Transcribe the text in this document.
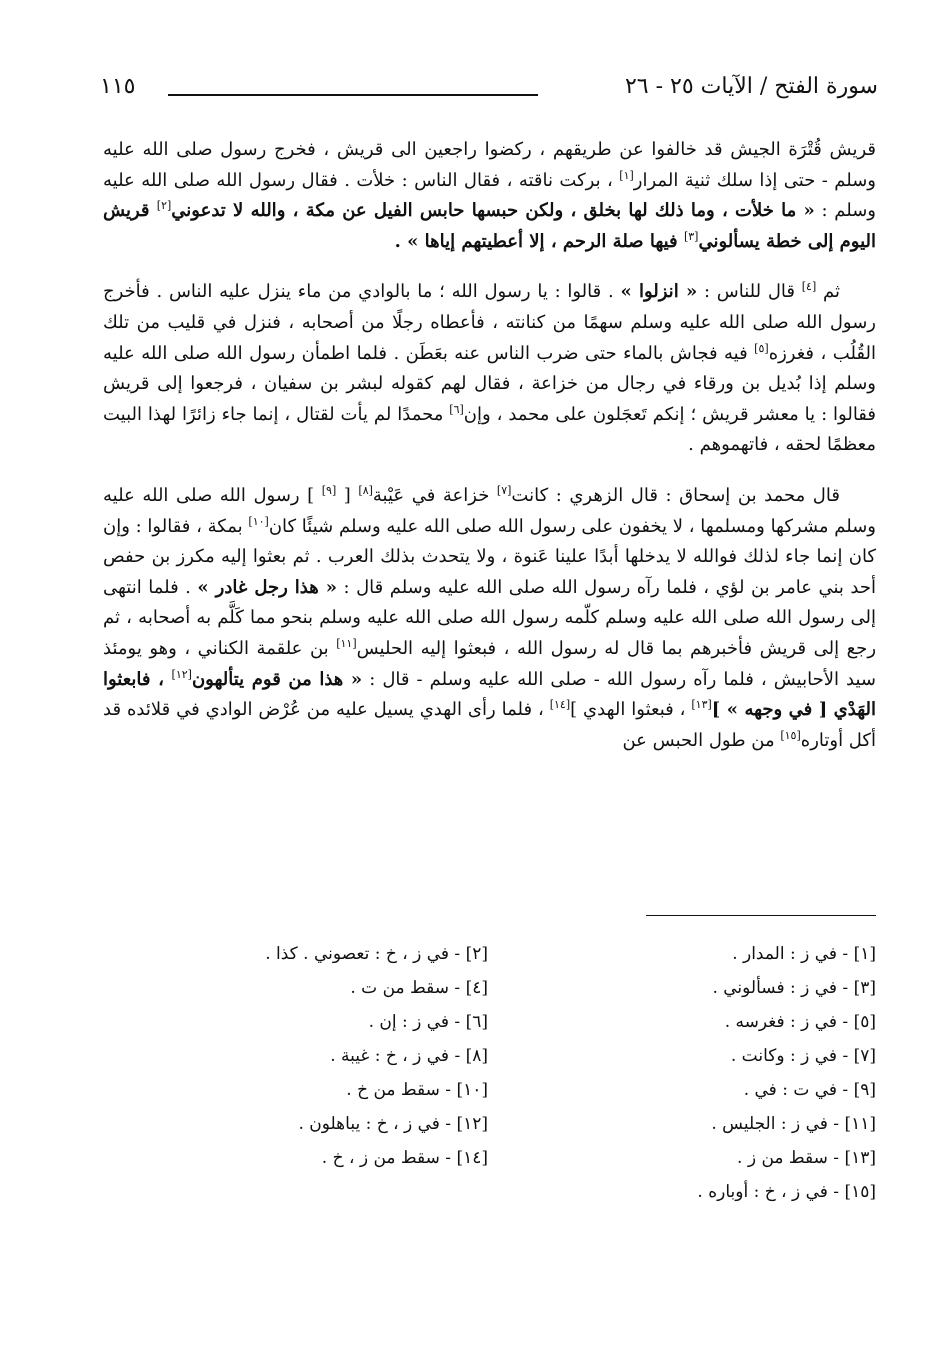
سورة الفتح / الآيات ٢٥ - ٢٦
١١٥

قريش قُتْرَة الجيش قد خالفوا عن طريقهم ، ركضوا راجعين الى قريش ، فخرج رسول صلى الله عليه وسلم - حتى إذا سلك ثنية المرار[١] ، بركت ناقته ، فقال الناس : خلأت . فقال رسول الله صلى الله عليه وسلم : « ما خلأت ، وما ذلك لها بخلق ، ولكن حبسها حابس الفيل عن مكة ، والله لا تدعوني[٢] قريش اليوم إلى خطة يسألوني[٣] فيها صلة الرحم ، إلا أعطيتهم إياها » .

ثم [٤] قال للناس : « انزلوا » . قالوا : يا رسول الله ؛ ما بالوادي من ماء ينزل عليه الناس . فأخرج رسول الله صلى الله عليه وسلم سهمًا من كنانته ، فأعطاه رجلًا من أصحابه ، فنزل في قليب من تلك القُلُب ، فغرزه[٥] فيه فجاش بالماء حتى ضرب الناس عنه بعَطَن . فلما اطمأن رسول الله صلى الله عليه وسلم إذا بُديل بن ورقاء في رجال من خزاعة ، فقال لهم كقوله لبشر بن سفيان ، فرجعوا إلى قريش فقالوا : يا معشر قريش ؛ إنكم تَعجَلون على محمد ، وإن[٦] محمدًا لم يأت لقتال ، إنما جاء زائرًا لهذا البيت معظمًا لحقه ، فاتهموهم .

قال محمد بن إسحاق : قال الزهري : كانت[٧] خزاعة في عَيْبة[٨] [ [٩] ] رسول الله صلى الله عليه وسلم مشركها ومسلمها ، لا يخفون على رسول الله صلى الله عليه وسلم شيئًا كان[١٠] بمكة ، فقالوا : وإن كان إنما جاء لذلك فوالله لا يدخلها أبدًا علينا عَنوة ، ولا يتحدث بذلك العرب . ثم بعثوا إليه مكرز بن حفص أحد بني عامر بن لؤي ، فلما رآه رسول الله صلى الله عليه وسلم قال : « هذا رجل غادر » . فلما انتهى إلى رسول الله صلى الله عليه وسلم كلّمه رسول الله صلى الله عليه وسلم بنحو مما كَلَّم به أصحابه ، ثم رجع إلى قريش فأخبرهم بما قال له رسول الله ، فبعثوا إليه الحليس[١١] بن علقمة الكناني ، وهو يومئذ سيد الأحابيش ، فلما رآه رسول الله - صلى الله عليه وسلم - قال : « هذا من قوم يتألهون[١٢] ، فابعثوا الهَدْي [ في وجهه » ][١٣] ، فبعثوا الهدي ][١٤] ، فلما رأى الهدي يسيل عليه من عُرْض الوادي في قلائده قد أكل أوتاره[١٥] من طول الحبس عن

[١] - في ز : المدار .
[٢] - في ز ، خ : تعصوني . كذا .
[٣] - في ز : فسألوني .
[٤] - سقط من ت .
[٥] - في ز : فغرسه .
[٦] - في ز : إن .
[٧] - في ز : وكانت .
[٨] - في ز ، خ : غيبة .
[٩] - في ت : في .
[١٠] - سقط من خ .
[١١] - في ز : الجليس .
[١٢] - في ز ، خ : يباهلون .
[١٣] - سقط من ز .
[١٤] - سقط من ز ، خ .
[١٥] - في ز ، خ : أوباره .
